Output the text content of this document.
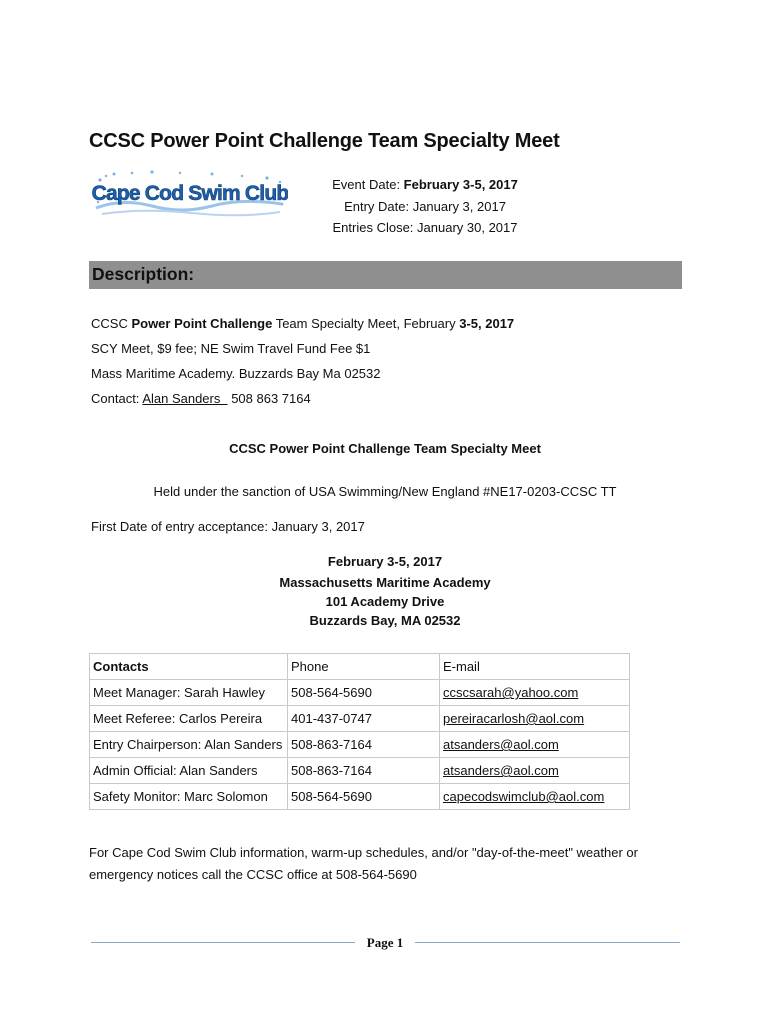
CCSC Power Point Challenge Team Specialty Meet
Cape Cod Swim Club	Event Date: February 3-5, 2017
Entry Date: January 3, 2017
Entries Close: January 30, 2017
Description:
CCSC Power Point Challenge Team Specialty Meet, February 3-5, 2017
SCY Meet, $9 fee; NE Swim Travel Fund Fee $1
Mass Maritime Academy. Buzzards Bay Ma 02532
Contact: Alan Sanders   508 863 7164
CCSC Power Point Challenge Team Specialty Meet
Held under the sanction of USA Swimming/New England #NE17-0203-CCSC TT
First Date of entry acceptance: January 3, 2017
February 3-5, 2017
Massachusetts Maritime Academy
101 Academy Drive
Buzzards Bay, MA 02532
Contacts	Phone	E-mail
Meet Manager: Sarah Hawley	508-564-5690	ccscsarah@yahoo.com
Meet Referee: Carlos Pereira	401-437-0747	pereiracarlosh@aol.com
Entry Chairperson: Alan Sanders	508-863-7164	atsanders@aol.com
Admin Official: Alan Sanders	508-863-7164	atsanders@aol.com
Safety Monitor: Marc Solomon	508-564-5690	capecodswimclub@aol.com
For Cape Cod Swim Club information, warm-up schedules, and/or "day-of-the-meet" weather or emergency notices call the CCSC office at 508-564-5690
Page 1
